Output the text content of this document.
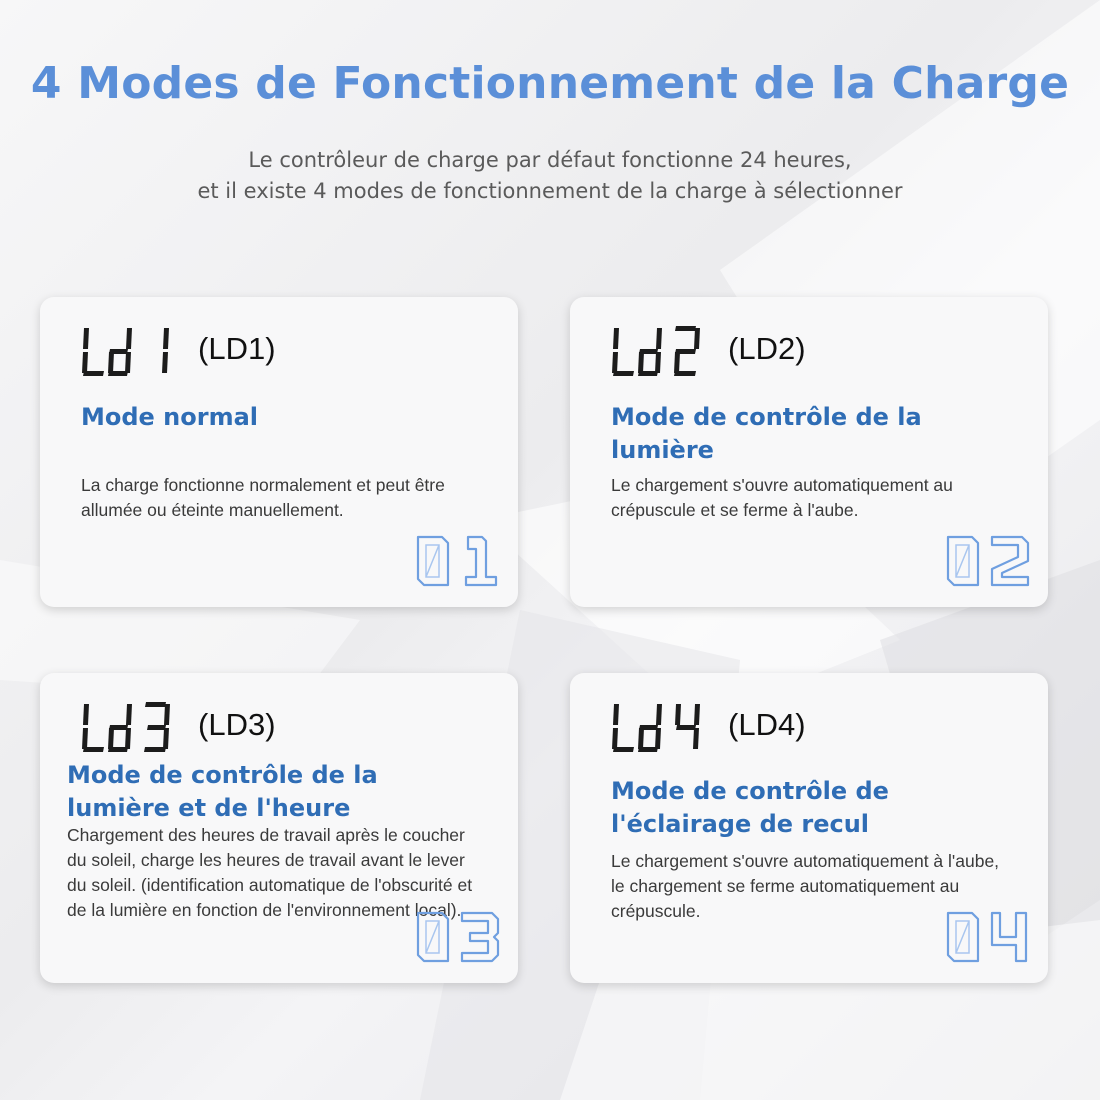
4 Modes de Fonctionnement de la Charge
Le contrôleur de charge par défaut fonctionne 24 heures,
et il existe 4 modes de fonctionnement de la charge à sélectionner
(LD1)
Mode normal

La charge fonctionne normalement et peut être allumée ou éteinte manuellement.

(LD2)
Mode de contrôle de la lumière

Le chargement s'ouvre automatiquement au crépuscule et se ferme à l'aube.

(LD3)
Mode de contrôle de la lumière et de l'heure

Chargement des heures de travail après le coucher du soleil, charge les heures de travail avant le lever du soleil. (identification automatique de l'obscurité et de la lumière en fonction de l'environnement local).

(LD4)
Mode de contrôle de l'éclairage de recul

Le chargement s'ouvre automatiquement à l'aube, le chargement se ferme automatiquement au crépuscule.
